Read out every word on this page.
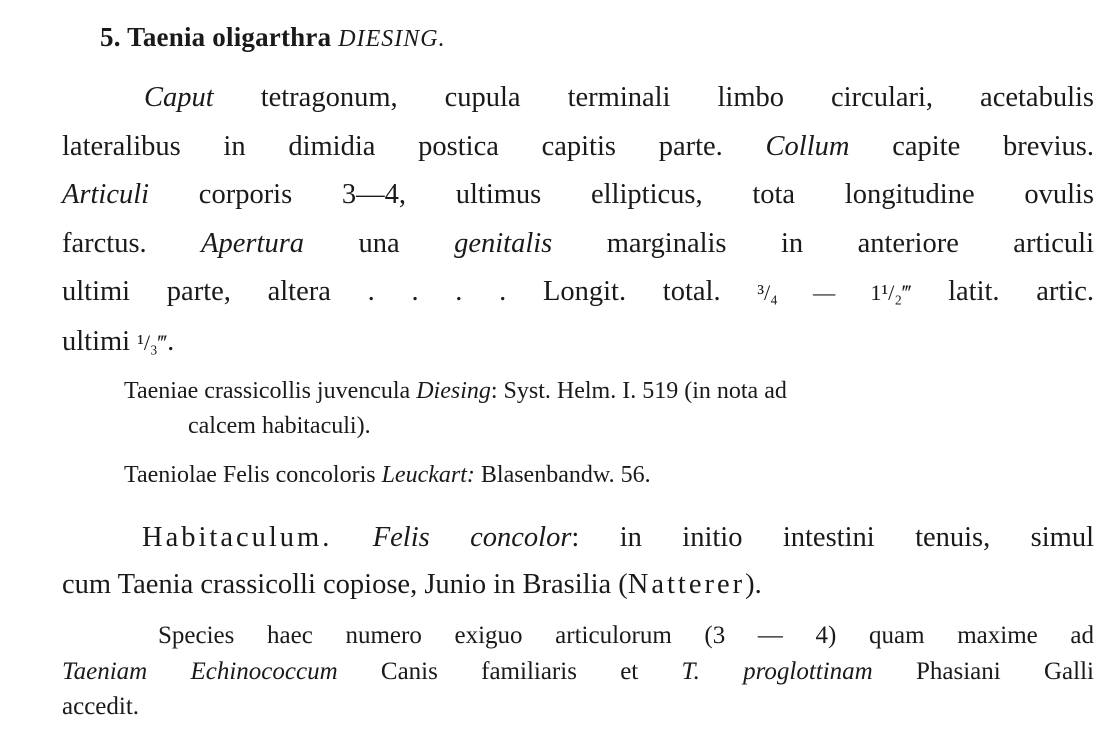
5. Taenia oligarthra DIESING.
Caput tetragonum, cupula terminali limbo circulari, acetabulis
lateralibus in dimidia postica capitis parte. Collum capite brevius.
Articuli corporis 3—4, ultimus ellipticus, tota longitudine ovulis
farctus. Apertura una genitalis marginalis in anteriore articuli
ultimi parte, altera . . . . Longit. total. ³/₄ — 1¹/₂‴ latit. artic.
ultimi ¹/₃‴.
Taeniae crassicollis juvencula Diesing: Syst. Helm. I. 519 (in nota ad
calcem habitaculi).
Taeniolae Felis concoloris Leuckart: Blasenbandw. 56.
Habitaculum. Felis concolor: in initio intestini tenuis, simul
cum Taenia crassicolli copiose, Junio in Brasilia (Natterer).
Species haec numero exiguo articulorum (3 — 4) quam maxime ad
Taeniam Echinococcum Canis familiaris et T. proglottinam Phasiani Galli
accedit.
